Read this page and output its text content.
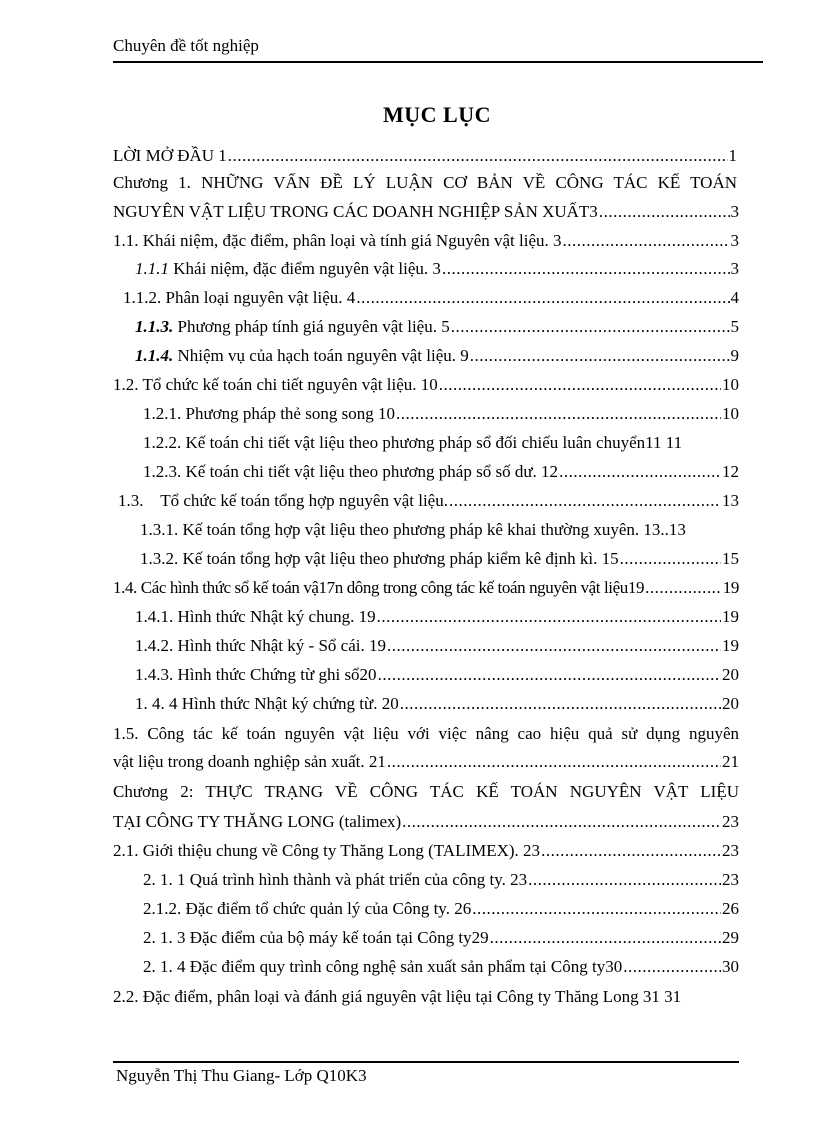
Chuyên đề tốt nghiệp
MỤC LỤC
LỜI MỞ ĐẦU 1 .....	1
Chương 1. NHỮNG VẤN ĐỀ LÝ LUẬN CƠ BẢN VỀ CÔNG TÁC KẾ TOÁN
NGUYÊN VẬT LIỆU TRONG CÁC DOANH NGHIỆP SẢN XUẤT3 .....	3
1.1. Khái niệm, đặc điểm, phân loại và tính giá Nguyên vật liệu. 3 .....	3
1.1.1 Khái niệm, đặc điểm nguyên vật liệu. 3 .....	3
1.1.2. Phân loại nguyên vật liệu. 4 .....	4
1.1.3. Phương pháp tính giá nguyên vật liệu. 5 .....	5
1.1.4. Nhiệm vụ của hạch toán nguyên vật liệu. 9 .....	9
1.2. Tổ chức kế toán chi tiết nguyên vật liệu. 10 .....	10
1.2.1. Phương pháp thẻ song song 10 .....	10
1.2.2. Kế toán chi tiết vật liệu theo phương pháp sổ đối chiếu luân chuyển11 11
1.2.3. Kế toán chi tiết vật liệu theo phương pháp sổ số dư. 12 .....	12
1.3.    Tổ chức kế toán tổng hợp nguyên vật liệu. .....	13
1.3.1. Kế toán tổng hợp vật liệu theo phương pháp kê khai thường xuyên. 13..13
1.3.2. Kế toán tổng hợp vật liệu theo phương pháp kiểm kê định kì. 15 .....	15
1.4. Các hình thức sổ kế toán vậ17n dông trong công tác kế toán nguyên vật liệu19 .....	19
1.4.1. Hình thức Nhật ký chung. 19 .....	19
1.4.2. Hình thức Nhật ký - Sổ cái. 19 .....	19
1.4.3. Hình thức Chứng từ ghi sổ20 .....	20
1. 4. 4 Hình thức Nhật ký chứng từ. 20 .....	20
1.5. Công tác kế toán nguyên vật liệu với việc nâng cao hiệu quả sử dụng nguyên
vật liệu trong doanh nghiệp sản xuất. 21 .....	21
Chương 2: THỰC TRẠNG VỀ CÔNG TÁC KẾ TOÁN NGUYÊN VẬT LIỆU
TẠI CÔNG TY THĂNG LONG (talimex) .....	23
2.1. Giới thiệu chung về Công ty Thăng Long (TALIMEX). 23 .....	23
2. 1. 1 Quá trình hình thành và phát triển của công ty. 23 .....	23
2.1.2. Đặc điểm tổ chức quản lý của Công ty. 26 .....	26
2. 1. 3 Đặc điểm của bộ máy kế toán tại Công ty29 .....	29
2. 1. 4 Đặc điểm quy trình công nghệ sản xuất sản phẩm tại Công ty30 .....	30
2.2. Đặc điểm, phân loại và đánh giá nguyên vật liệu tại Công ty Thăng Long 31 31
Nguyễn Thị Thu Giang- Lớp Q10K3
